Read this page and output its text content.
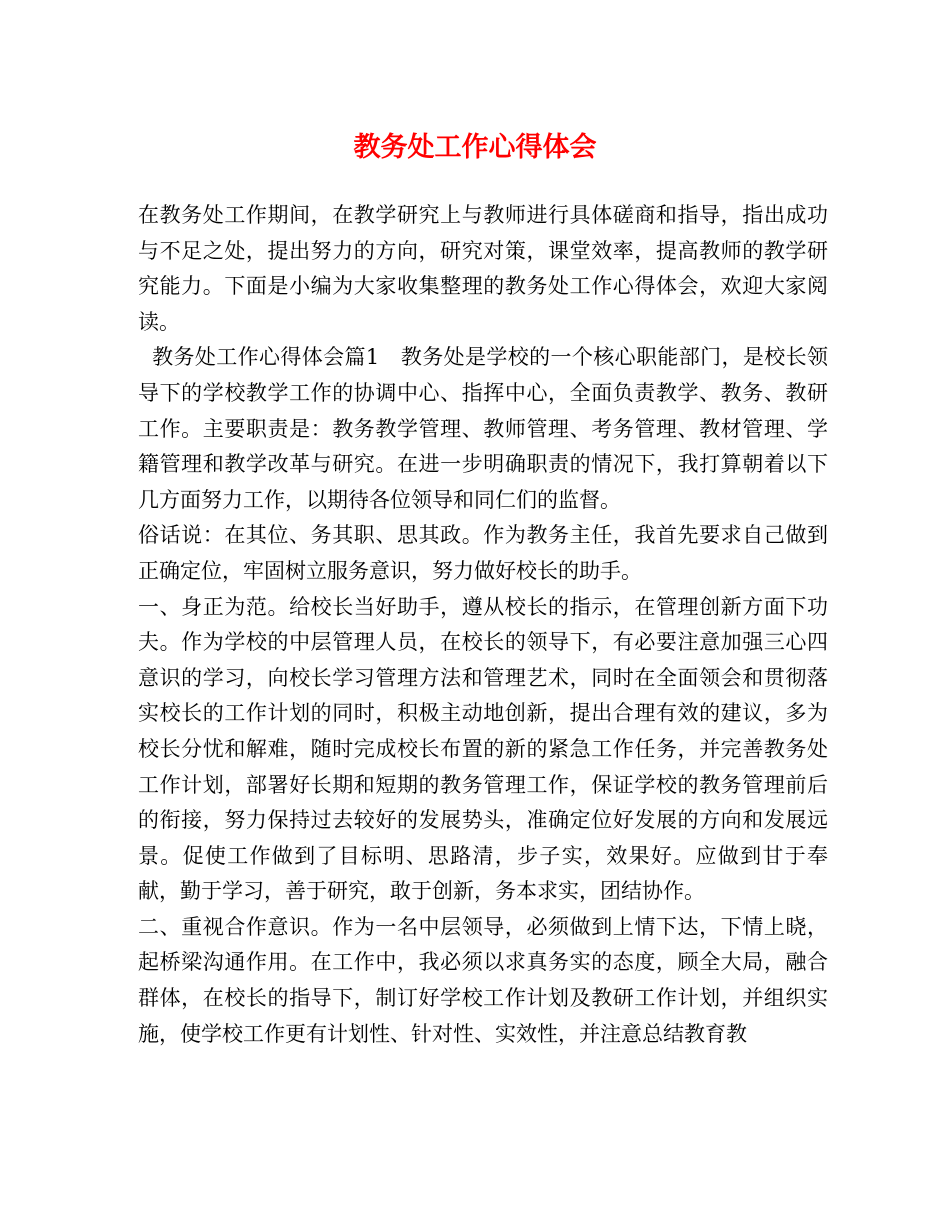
教务处工作心得体会

在教务处工作期间，在教学研究上与教师进行具体磋商和指导，指出成功与不足之处，提出努力的方向，研究对策，课堂效率，提高教师的教学研究能力。下面是小编为大家收集整理的教务处工作心得体会，欢迎大家阅读。

教务处工作心得体会篇1　教务处是学校的一个核心职能部门，是校长领导下的学校教学工作的协调中心、指挥中心，全面负责教学、教务、教研工作。主要职责是：教务教学管理、教师管理、考务管理、教材管理、学籍管理和教学改革与研究。在进一步明确职责的情况下，我打算朝着以下几方面努力工作，以期待各位领导和同仁们的监督。

俗话说：在其位、务其职、思其政。作为教务主任，我首先要求自己做到正确定位，牢固树立服务意识，努力做好校长的助手。

一、身正为范。给校长当好助手，遵从校长的指示，在管理创新方面下功夫。作为学校的中层管理人员，在校长的领导下，有必要注意加强三心四意识的学习，向校长学习管理方法和管理艺术，同时在全面领会和贯彻落实校长的工作计划的同时，积极主动地创新，提出合理有效的建议，多为校长分忧和解难，随时完成校长布置的新的紧急工作任务，并完善教务处工作计划，部署好长期和短期的教务管理工作，保证学校的教务管理前后的衔接，努力保持过去较好的发展势头，准确定位好发展的方向和发展远景。促使工作做到了目标明、思路清，步子实，效果好。应做到甘于奉献，勤于学习，善于研究，敢于创新，务本求实，团结协作。

二、重视合作意识。作为一名中层领导，必须做到上情下达，下情上晓，起桥梁沟通作用。在工作中，我必须以求真务实的态度，顾全大局，融合群体，在校长的指导下，制订好学校工作计划及教研工作计划，并组织实施，使学校工作更有计划性、针对性、实效性，并注意总结教育教
